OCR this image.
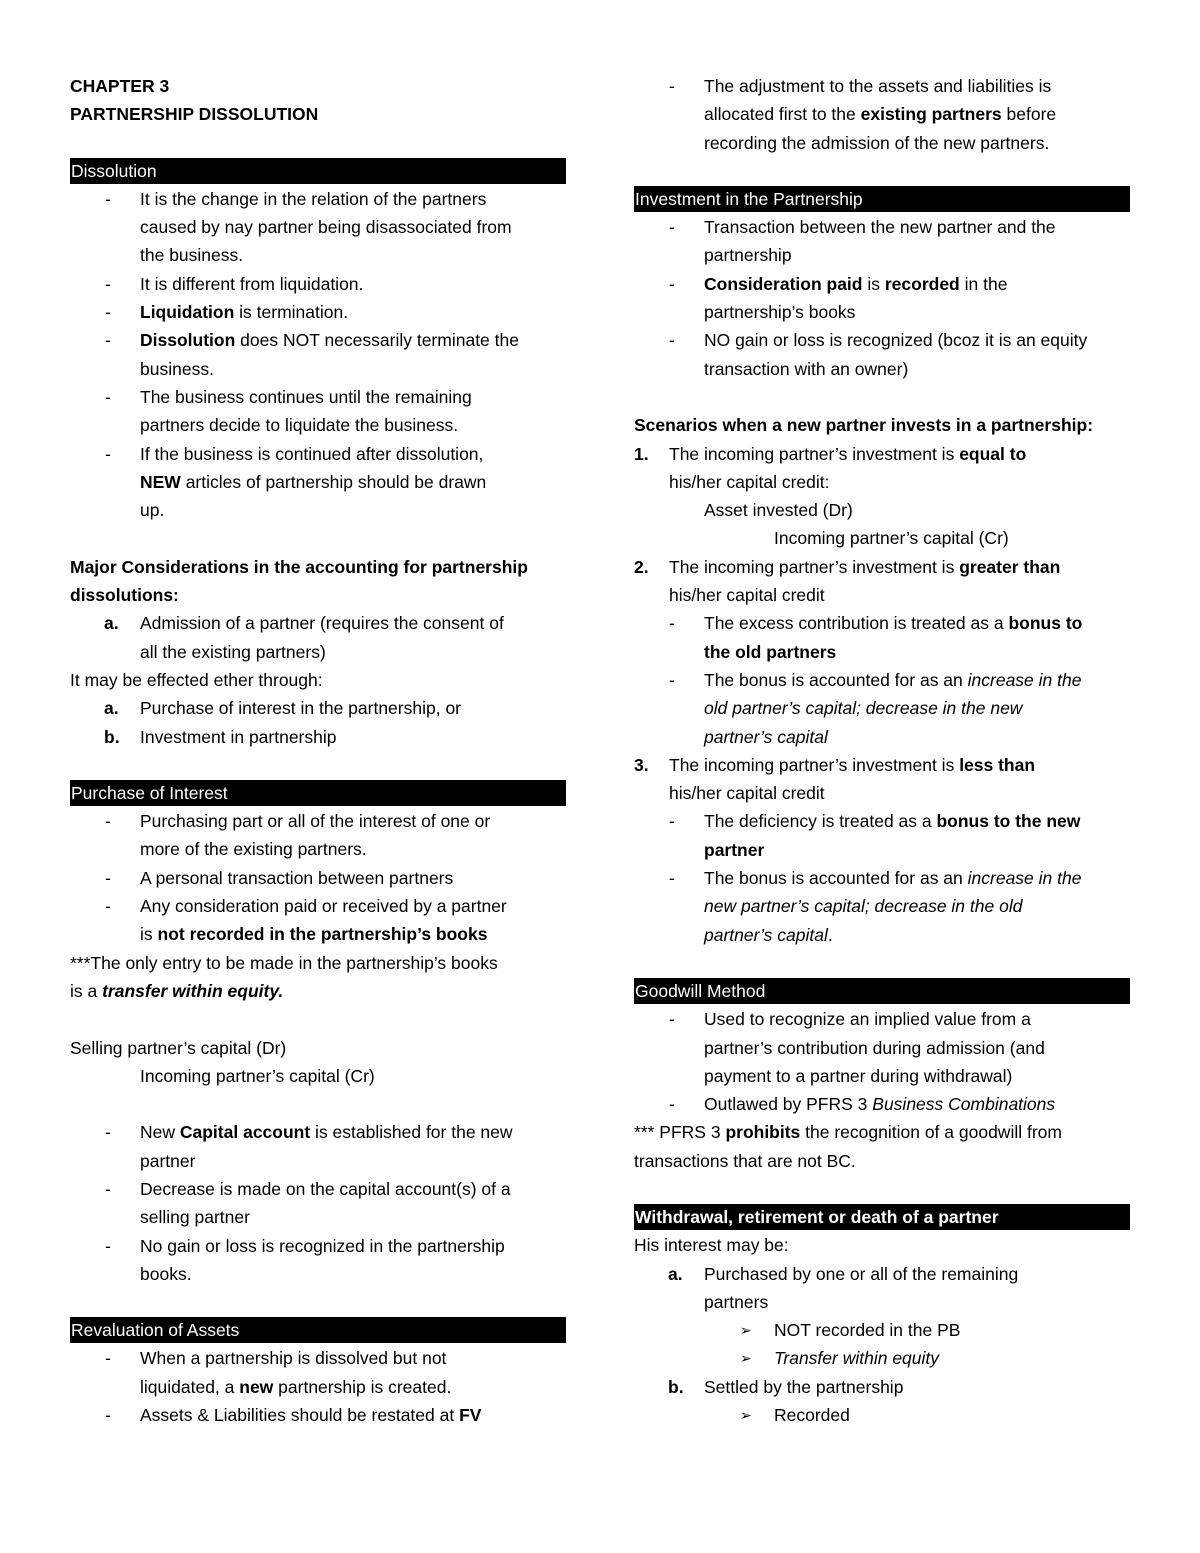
CHAPTER 3
PARTNERSHIP DISSOLUTION
Dissolution
- It is the change in the relation of the partners
caused by nay partner being disassociated from
the business.
- It is different from liquidation.
- Liquidation is termination.
- Dissolution does NOT necessarily terminate the
business.
- The business continues until the remaining
partners decide to liquidate the business.
- If the business is continued after dissolution,
NEW articles of partnership should be drawn
up.
Major Considerations in the accounting for partnership
dissolutions:
a. Admission of a partner (requires the consent of
all the existing partners)
It may be effected ether through:
a. Purchase of interest in the partnership, or
b. Investment in partnership
Purchase of Interest
- Purchasing part or all of the interest of one or
more of the existing partners.
- A personal transaction between partners
- Any consideration paid or received by a partner
is not recorded in the partnership’s books
***The only entry to be made in the partnership’s books
is a transfer within equity.
Selling partner’s capital (Dr)
Incoming partner’s capital (Cr)
- New Capital account is established for the new
partner
- Decrease is made on the capital account(s) of a
selling partner
- No gain or loss is recognized in the partnership
books.
Revaluation of Assets
- When a partnership is dissolved but not
liquidated, a new partnership is created.
- Assets & Liabilities should be restated at FV
- The adjustment to the assets and liabilities is
allocated first to the existing partners before
recording the admission of the new partners.
Investment in the Partnership
- Transaction between the new partner and the
partnership
- Consideration paid is recorded in the
partnership’s books
- NO gain or loss is recognized (bcoz it is an equity
transaction with an owner)
Scenarios when a new partner invests in a partnership:
1. The incoming partner’s investment is equal to
his/her capital credit:
Asset invested (Dr)
Incoming partner’s capital (Cr)
2. The incoming partner’s investment is greater than
his/her capital credit
- The excess contribution is treated as a bonus to
the old partners
- The bonus is accounted for as an increase in the
old partner’s capital; decrease in the new
partner’s capital
3. The incoming partner’s investment is less than
his/her capital credit
- The deficiency is treated as a bonus to the new
partner
- The bonus is accounted for as an increase in the
new partner’s capital; decrease in the old
partner’s capital.
Goodwill Method
- Used to recognize an implied value from a
partner’s contribution during admission (and
payment to a partner during withdrawal)
- Outlawed by PFRS 3 Business Combinations
*** PFRS 3 prohibits the recognition of a goodwill from
transactions that are not BC.
Withdrawal, retirement or death of a partner
His interest may be:
a. Purchased by one or all of the remaining
partners
➢ NOT recorded in the PB
➢ Transfer within equity
b. Settled by the partnership
➢ Recorded
